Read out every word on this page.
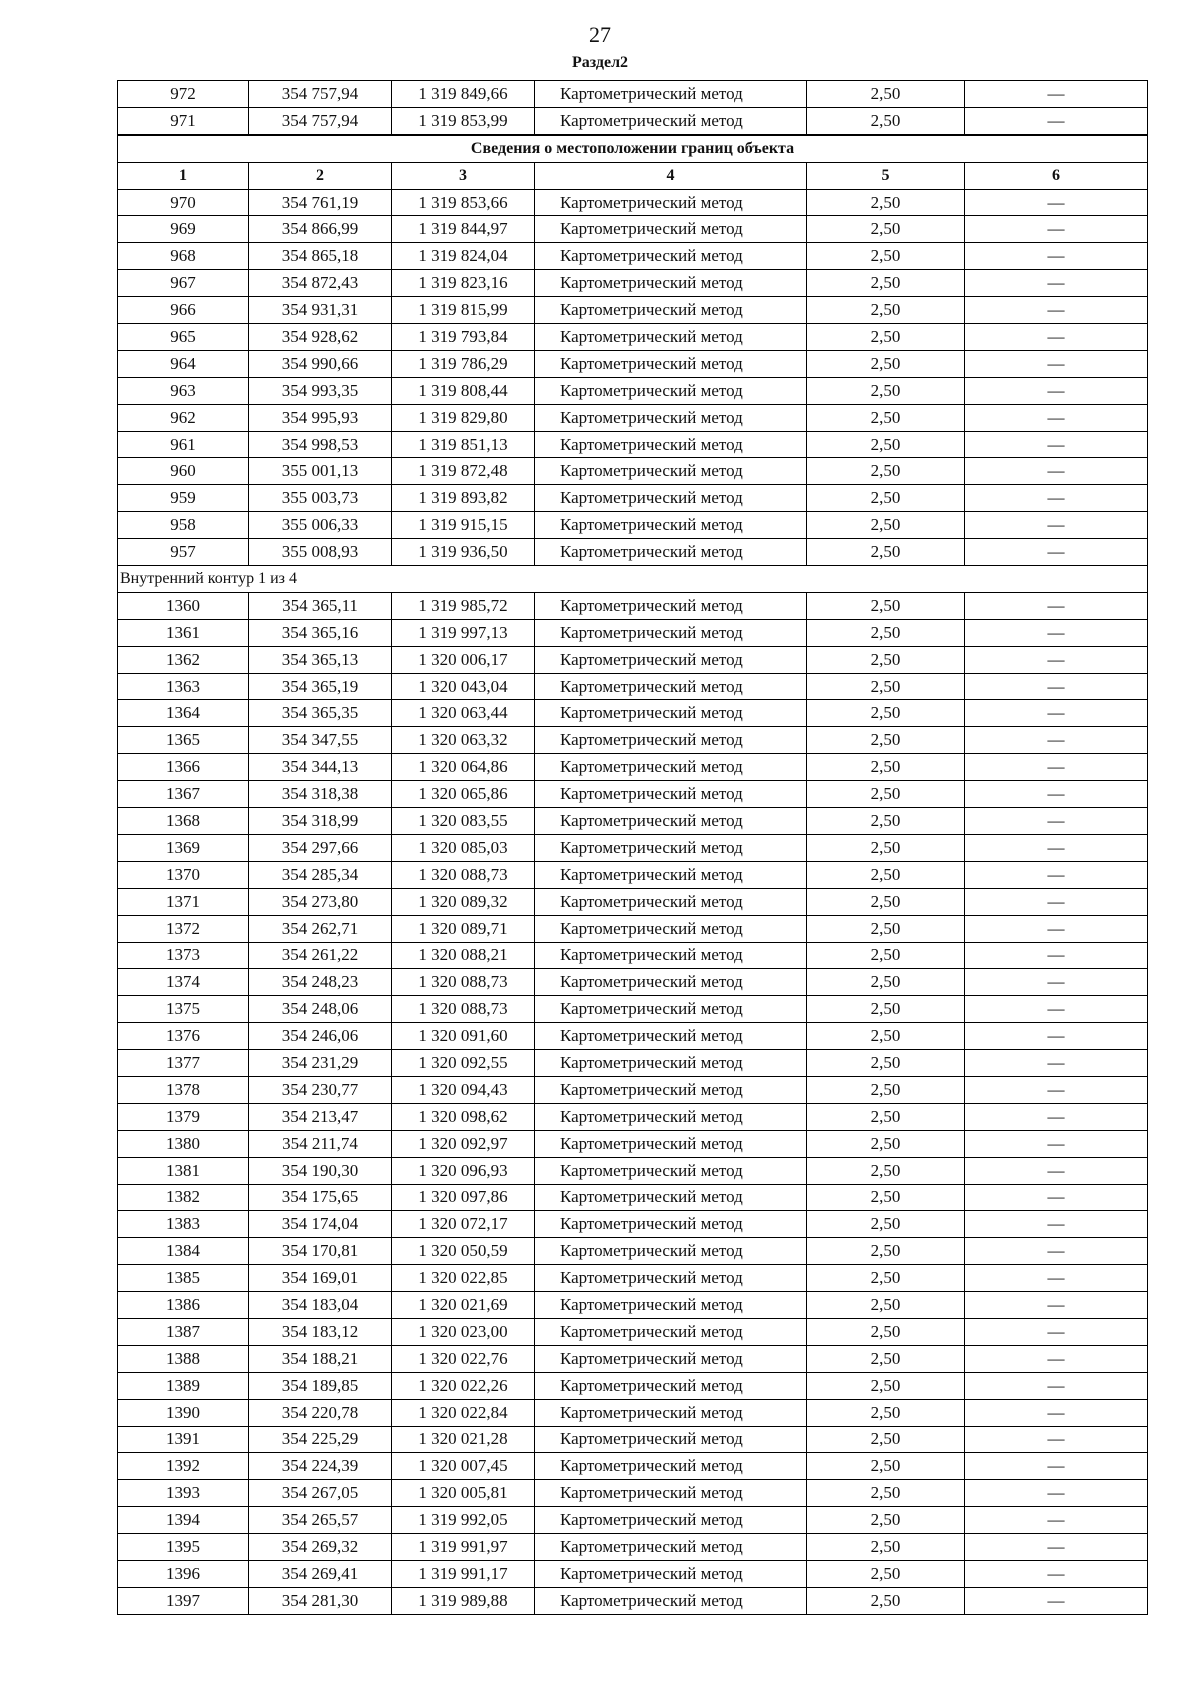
27
Раздел2
972	354 757,94	1 319 849,66	Картометрический метод	2,50	—
971	354 757,94	1 319 853,99	Картометрический метод	2,50	—
Сведения о местоположении границ объекта					
1	2	3	4	5	6
970	354 761,19	1 319 853,66	Картометрический метод	2,50	—
969	354 866,99	1 319 844,97	Картометрический метод	2,50	—
968	354 865,18	1 319 824,04	Картометрический метод	2,50	—
967	354 872,43	1 319 823,16	Картометрический метод	2,50	—
966	354 931,31	1 319 815,99	Картометрический метод	2,50	—
965	354 928,62	1 319 793,84	Картометрический метод	2,50	—
964	354 990,66	1 319 786,29	Картометрический метод	2,50	—
963	354 993,35	1 319 808,44	Картометрический метод	2,50	—
962	354 995,93	1 319 829,80	Картометрический метод	2,50	—
961	354 998,53	1 319 851,13	Картометрический метод	2,50	—
960	355 001,13	1 319 872,48	Картометрический метод	2,50	—
959	355 003,73	1 319 893,82	Картометрический метод	2,50	—
958	355 006,33	1 319 915,15	Картометрический метод	2,50	—
957	355 008,93	1 319 936,50	Картометрический метод	2,50	—
Внутренний контур 1 из 4					
1360	354 365,11	1 319 985,72	Картометрический метод	2,50	—
1361	354 365,16	1 319 997,13	Картометрический метод	2,50	—
1362	354 365,13	1 320 006,17	Картометрический метод	2,50	—
1363	354 365,19	1 320 043,04	Картометрический метод	2,50	—
1364	354 365,35	1 320 063,44	Картометрический метод	2,50	—
1365	354 347,55	1 320 063,32	Картометрический метод	2,50	—
1366	354 344,13	1 320 064,86	Картометрический метод	2,50	—
1367	354 318,38	1 320 065,86	Картометрический метод	2,50	—
1368	354 318,99	1 320 083,55	Картометрический метод	2,50	—
1369	354 297,66	1 320 085,03	Картометрический метод	2,50	—
1370	354 285,34	1 320 088,73	Картометрический метод	2,50	—
1371	354 273,80	1 320 089,32	Картометрический метод	2,50	—
1372	354 262,71	1 320 089,71	Картометрический метод	2,50	—
1373	354 261,22	1 320 088,21	Картометрический метод	2,50	—
1374	354 248,23	1 320 088,73	Картометрический метод	2,50	—
1375	354 248,06	1 320 088,73	Картометрический метод	2,50	—
1376	354 246,06	1 320 091,60	Картометрический метод	2,50	—
1377	354 231,29	1 320 092,55	Картометрический метод	2,50	—
1378	354 230,77	1 320 094,43	Картометрический метод	2,50	—
1379	354 213,47	1 320 098,62	Картометрический метод	2,50	—
1380	354 211,74	1 320 092,97	Картометрический метод	2,50	—
1381	354 190,30	1 320 096,93	Картометрический метод	2,50	—
1382	354 175,65	1 320 097,86	Картометрический метод	2,50	—
1383	354 174,04	1 320 072,17	Картометрический метод	2,50	—
1384	354 170,81	1 320 050,59	Картометрический метод	2,50	—
1385	354 169,01	1 320 022,85	Картометрический метод	2,50	—
1386	354 183,04	1 320 021,69	Картометрический метод	2,50	—
1387	354 183,12	1 320 023,00	Картометрический метод	2,50	—
1388	354 188,21	1 320 022,76	Картометрический метод	2,50	—
1389	354 189,85	1 320 022,26	Картометрический метод	2,50	—
1390	354 220,78	1 320 022,84	Картометрический метод	2,50	—
1391	354 225,29	1 320 021,28	Картометрический метод	2,50	—
1392	354 224,39	1 320 007,45	Картометрический метод	2,50	—
1393	354 267,05	1 320 005,81	Картометрический метод	2,50	—
1394	354 265,57	1 319 992,05	Картометрический метод	2,50	—
1395	354 269,32	1 319 991,97	Картометрический метод	2,50	—
1396	354 269,41	1 319 991,17	Картометрический метод	2,50	—
1397	354 281,30	1 319 989,88	Картометрический метод	2,50	—
